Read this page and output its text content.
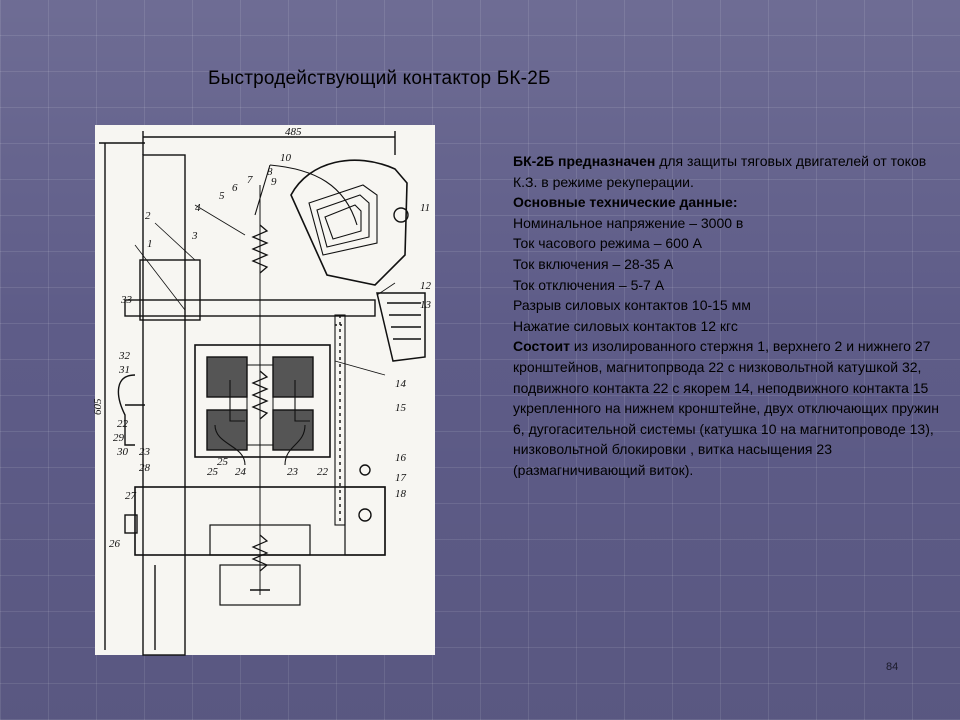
Быстродействующий контактор БК-2Б
485
605
1
2
3
4
5
6
7
8
9
10
11
12
13
14
15
16
17
18
22
23
24
25
26
27
28
29
30
31
32
33
22
23
25

БК-2Б предназначен для защиты тяговых двигателей от токов К.З. в режиме рекуперации.

Основные технические данные:

Номинальное напряжение – 3000 в

Ток часового режима – 600 А

Ток включения – 28-35 А

Ток отключения – 5-7 А

Разрыв силовых контактов 10-15 мм

Нажатие силовых контактов 12 кгс

Состоит из изолированного стержня 1, верхнего 2 и нижнего 27 кронштейнов, магнитопрвода 22 с низковольтной катушкой 32, подвижного контакта 22 с якорем 14, неподвижного контакта 15 укрепленного на нижнем кронштейне, двух отключающих пружин 6, дугогасительной системы (катушка 10 на магнитопроводе 13), низковольтной блокировки , витка насыщения 23 (размагничивающий виток).

84
